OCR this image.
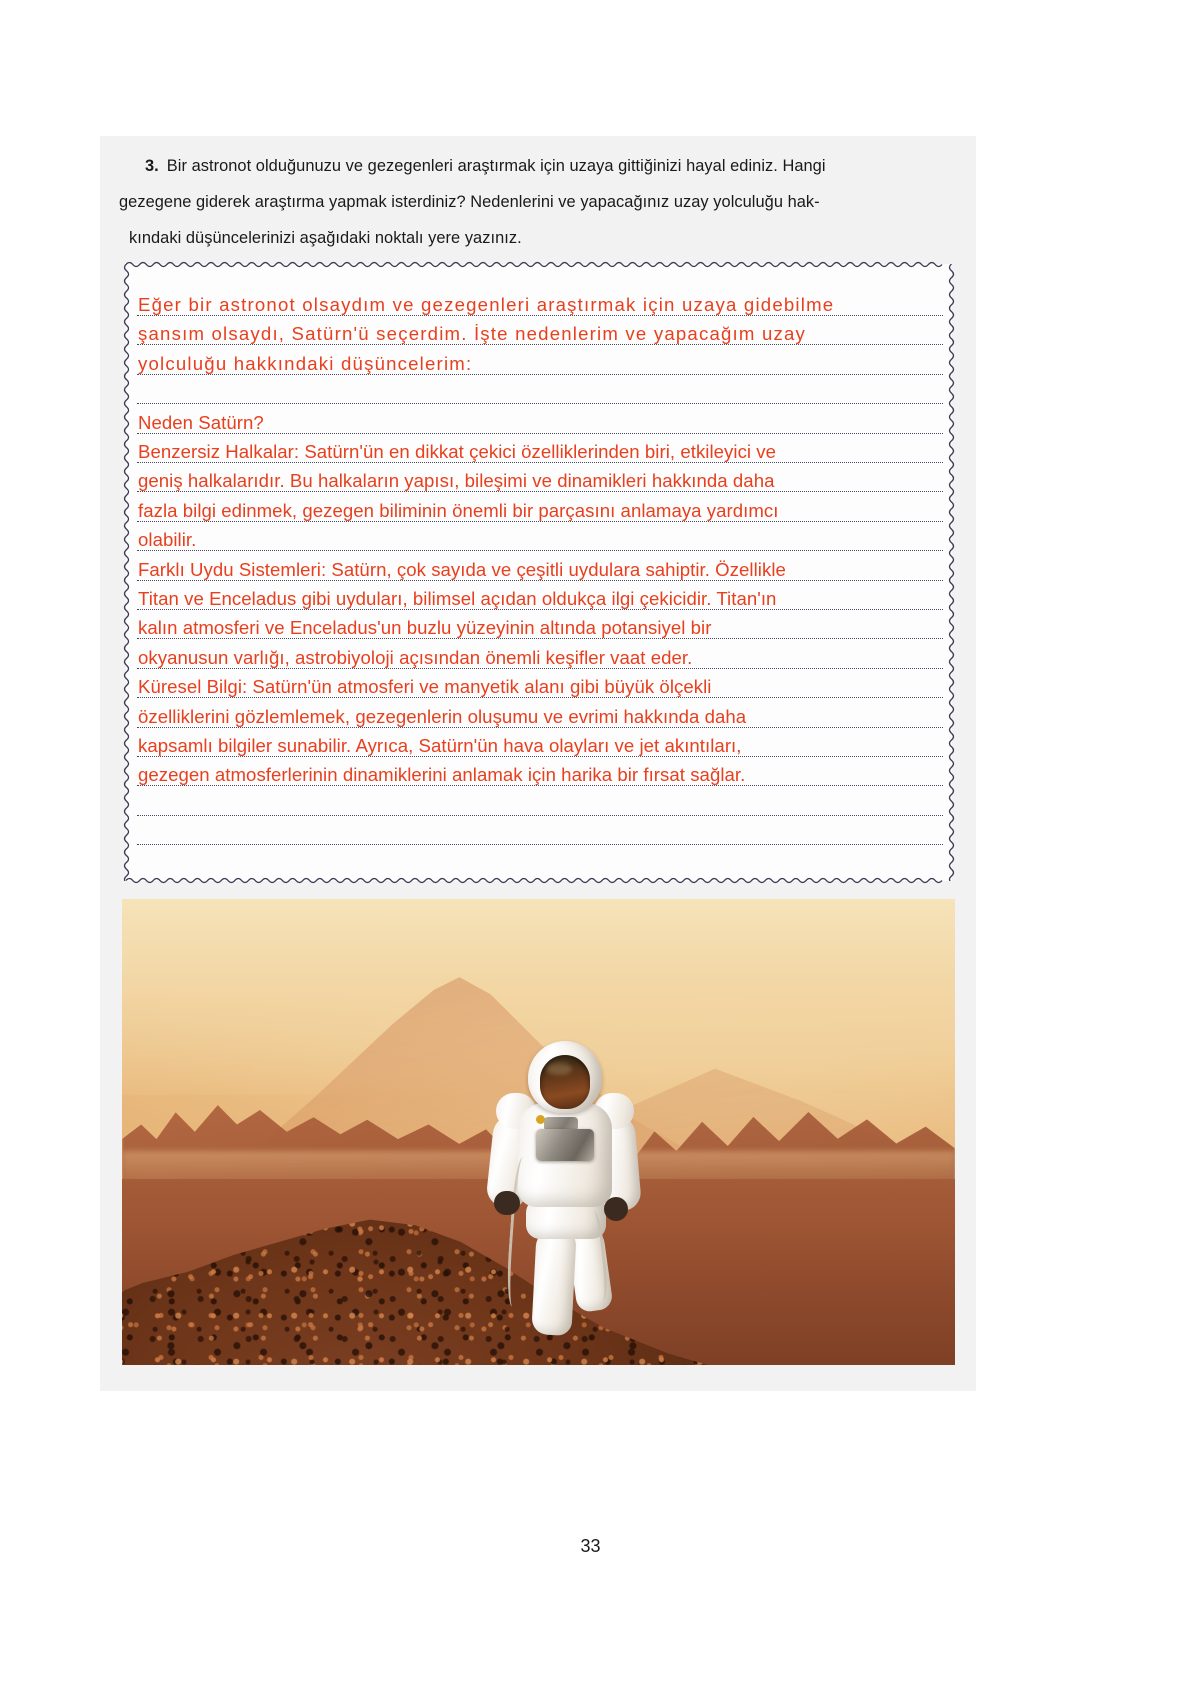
3. Bir astronot olduğunuzu ve gezegenleri araştırmak için uzaya gittiğinizi hayal ediniz. Hangi
gezegene giderek araştırma yapmak isterdiniz? Nedenlerini ve yapacağınız uzay yolculuğu hak-
kındaki düşüncelerinizi aşağıdaki noktalı yere yazınız.
Eğer bir astronot olsaydım ve gezegenleri araştırmak için uzaya gidebilme
şansım olsaydı, Satürn'ü seçerdim. İşte nedenlerim ve yapacağım uzay
yolculuğu hakkındaki düşüncelerim:
Neden Satürn?
Benzersiz Halkalar: Satürn'ün en dikkat çekici özelliklerinden biri, etkileyici ve
geniş halkalarıdır. Bu halkaların yapısı, bileşimi ve dinamikleri hakkında daha
fazla bilgi edinmek, gezegen biliminin önemli bir parçasını anlamaya yardımcı
olabilir.
Farklı Uydu Sistemleri: Satürn, çok sayıda ve çeşitli uydulara sahiptir. Özellikle
Titan ve Enceladus gibi uyduları, bilimsel açıdan oldukça ilgi çekicidir. Titan'ın
kalın atmosferi ve Enceladus'un buzlu yüzeyinin altında potansiyel bir
okyanusun varlığı, astrobiyoloji açısından önemli keşifler vaat eder.
Küresel Bilgi: Satürn'ün atmosferi ve manyetik alanı gibi büyük ölçekli
özelliklerini gözlemlemek, gezegenlerin oluşumu ve evrimi hakkında daha
kapsamlı bilgiler sunabilir. Ayrıca, Satürn'ün hava olayları ve jet akıntıları,
gezegen atmosferlerinin dinamiklerini anlamak için harika bir fırsat sağlar.
33
